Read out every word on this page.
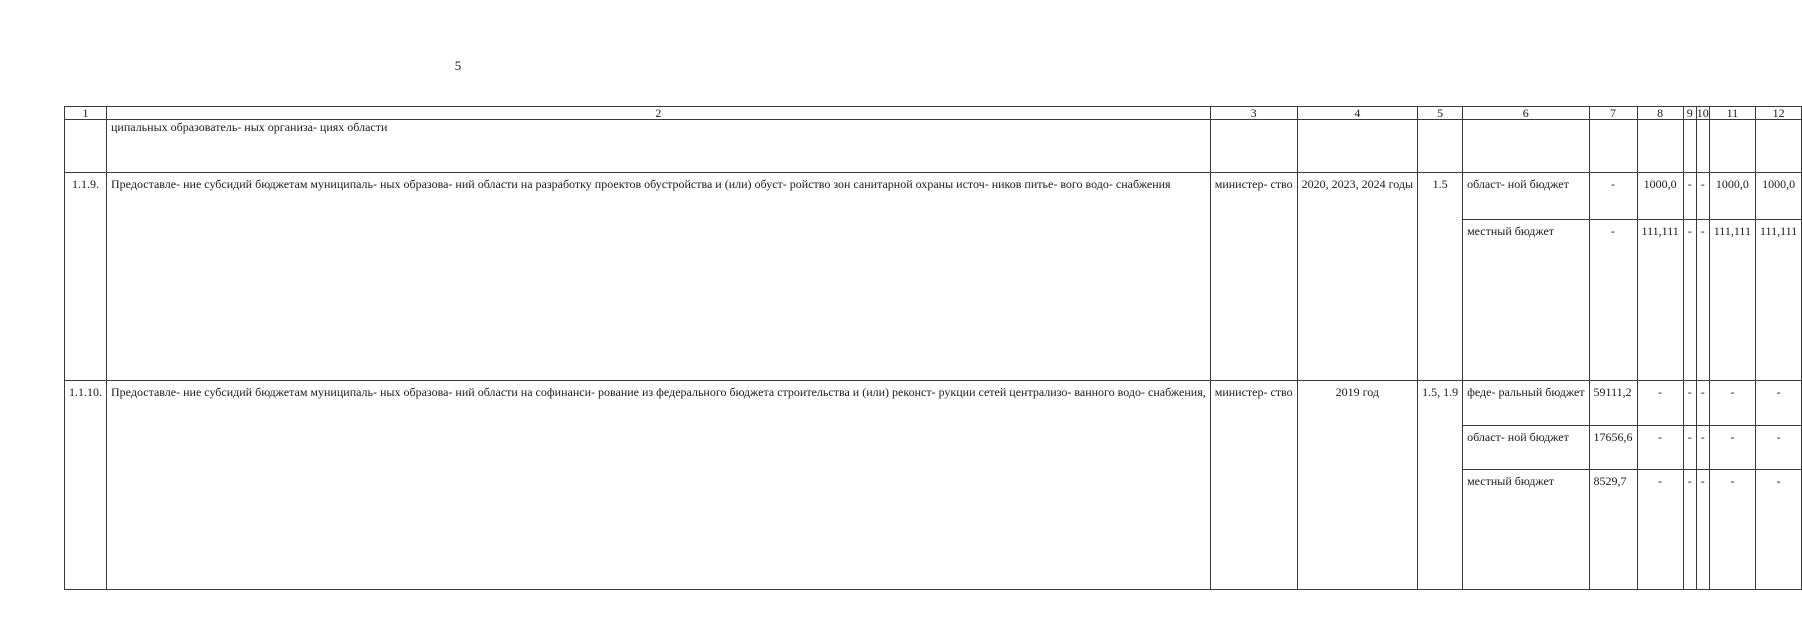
5
1	2	3	4	5	6	7	8	9	10	11	12
	ципальных образователь- ных организа- циях области										
1.1.9.	Предоставле- ние субсидий бюджетам муниципаль- ных образова- ний области на разработку проектов обустройства и (или) обуст- ройство зон санитарной охраны источ- ников питье- вого водо- снабжения	министер- ство	2020, 2023, 2024 годы	1.5	област- ной бюджет	-	1000,0	-	-	1000,0	1000,0
					местный бюджет	-	111,111	-	-	111,111	111,111
1.1.10.	Предоставле- ние субсидий бюджетам муниципаль- ных образова- ний области на софинанси- рование из федерального бюджета строительства и (или) реконст- рукции сетей централизо- ванного водо- снабжения,	министер- ство	2019 год	1.5, 1.9	феде- ральный бюджет	59111,2	-	-	-	-	-
					област- ной бюджет	17656,6	-	-	-	-	-
					местный бюджет	8529,7	-	-	-	-	-
